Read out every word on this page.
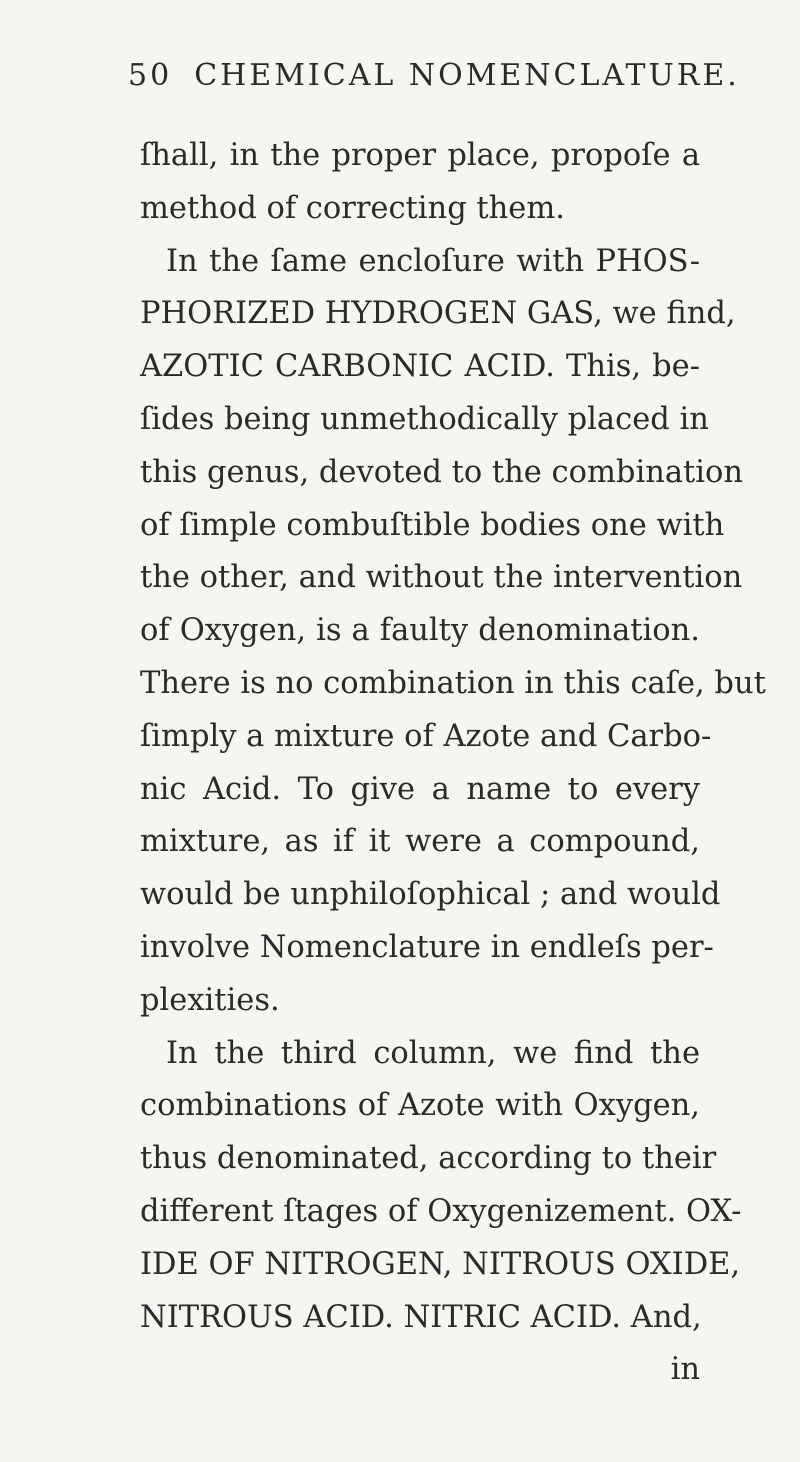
50 CHEMICAL NOMENCLATURE.
ſhall, in the proper place, propoſe a
method of correcting them.
In the ſame encloſure with PHOS-
PHORIZED HYDROGEN GAS, we find,
AZOTIC CARBONIC ACID. This, be-
ſides being unmethodically placed in
this genus, devoted to the combination
of ſimple combuſtible bodies one with
the other, and without the intervention
of Oxygen, is a faulty denomination.
There is no combination in this caſe, but
ſimply a mixture of Azote and Carbo-
nic Acid. To give a name to every
mixture, as if it were a compound,
would be unphiloſophical ; and would
involve Nomenclature in endleſs per-
plexities.
In the third column, we find the
combinations of Azote with Oxygen,
thus denominated, according to their
different ſtages of Oxygenizement. OX-
IDE OF NITROGEN, NITROUS OXIDE,
NITROUS ACID. NITRIC ACID. And,
in
